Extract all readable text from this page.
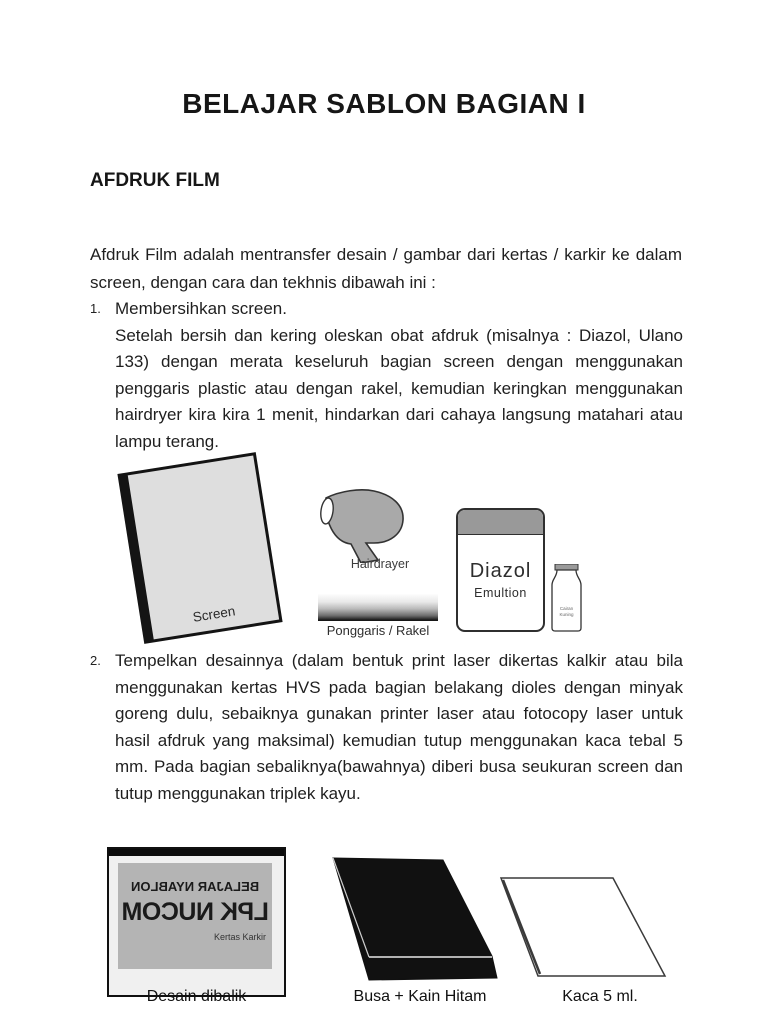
BELAJAR SABLON BAGIAN I
AFDRUK FILM
Afdruk Film adalah mentransfer desain / gambar dari kertas / karkir ke dalam screen, dengan cara dan tekhnis dibawah ini :
1. Membersihkan screen.
Setelah bersih dan kering oleskan obat afdruk (misalnya : Diazol, Ulano 133) dengan merata keseluruh bagian screen dengan menggunakan penggaris plastic atau dengan rakel, kemudian keringkan menggunakan hairdryer kira kira 1 menit, hindarkan dari cahaya langsung matahari atau lampu terang.
Screen
Hairdrayer
Ponggaris / Rakel
Diazol
Emultion
Cairan
Kuning
2. Tempelkan desainnya (dalam bentuk print laser dikertas kalkir atau bila menggunakan kertas HVS pada bagian belakang dioles dengan minyak goreng dulu, sebaiknya gunakan printer laser atau fotocopy laser untuk hasil afdruk yang maksimal) kemudian tutup menggunakan kaca tebal 5 mm. Pada bagian sebaliknya(bawahnya) diberi busa seukuran screen dan tutup menggunakan triplek kayu.
BELAJAR NYABLON
LPK NUCOM
Kertas Karkir
Desain dibalik	Busa + Kain Hitam	Kaca 5 ml.
